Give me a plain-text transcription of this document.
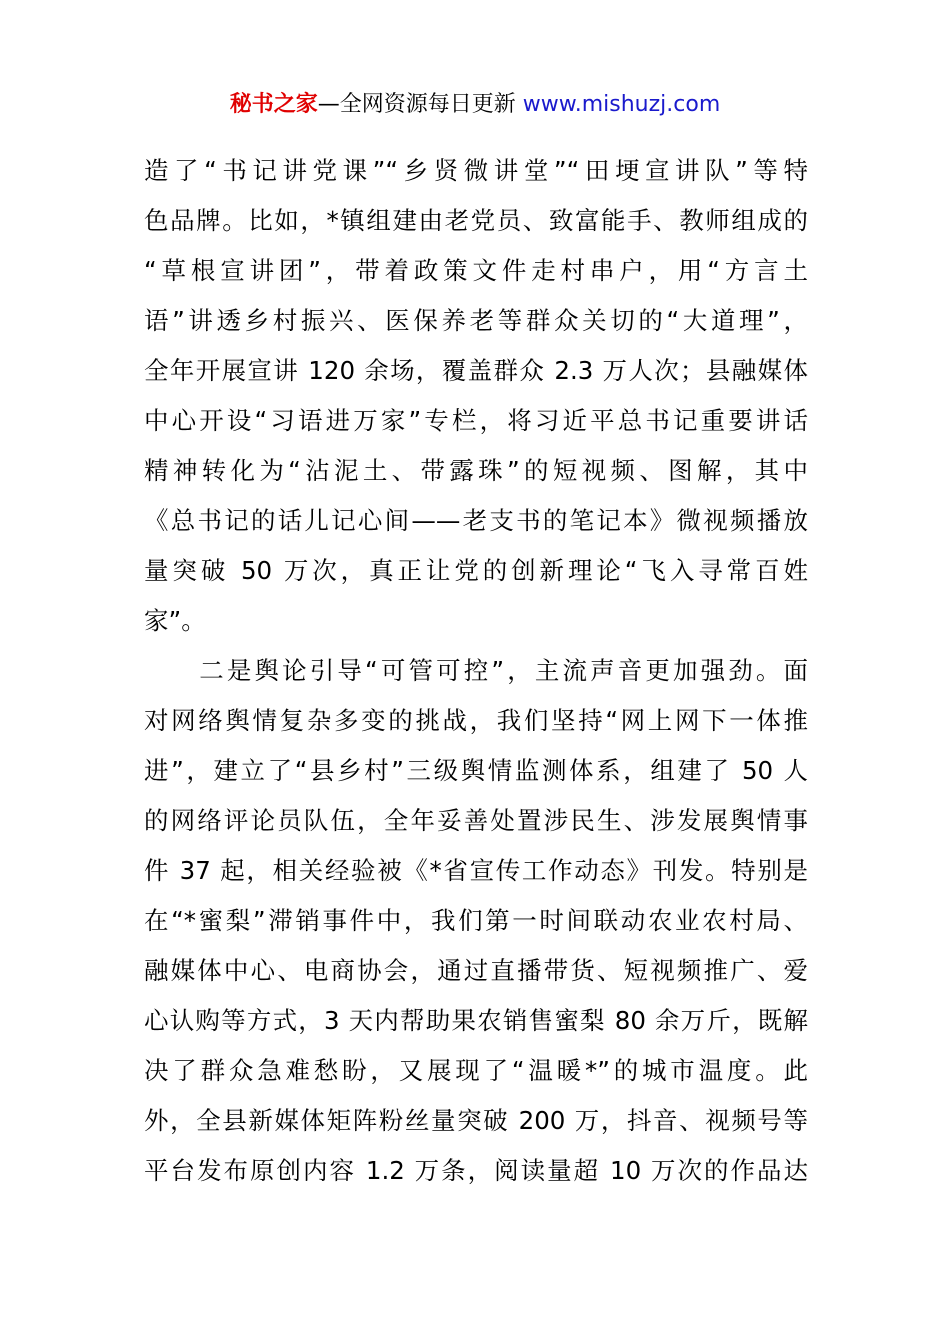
秘书之家—全网资源每日更新 www.mishuzj.com
造了“书记讲党课”“乡贤微讲堂”“田埂宣讲队”等特
色品牌。比如，*镇组建由老党员、致富能手、教师组成的
“草根宣讲团”，带着政策文件走村串户，用“方言土
语”讲透乡村振兴、医保养老等群众关切的“大道理”，
全年开展宣讲 120 余场，覆盖群众 2.3 万人次；县融媒体
中心开设“习语进万家”专栏，将习近平总书记重要讲话
精神转化为“沾泥土、带露珠”的短视频、图解，其中
《总书记的话儿记心间——老支书的笔记本》微视频播放
量突破 50 万次，真正让党的创新理论“飞入寻常百姓
家”。
　　二是舆论引导“可管可控”，主流声音更加强劲。面
对网络舆情复杂多变的挑战，我们坚持“网上网下一体推
进”，建立了“县乡村”三级舆情监测体系，组建了 50 人
的网络评论员队伍，全年妥善处置涉民生、涉发展舆情事
件 37 起，相关经验被《*省宣传工作动态》刊发。特别是
在“*蜜梨”滞销事件中，我们第一时间联动农业农村局、
融媒体中心、电商协会，通过直播带货、短视频推广、爱
心认购等方式，3 天内帮助果农销售蜜梨 80 余万斤，既解
决了群众急难愁盼，又展现了“温暖*”的城市温度。此
外，全县新媒体矩阵粉丝量突破 200 万，抖音、视频号等
平台发布原创内容 1.2 万条，阅读量超 10 万次的作品达
